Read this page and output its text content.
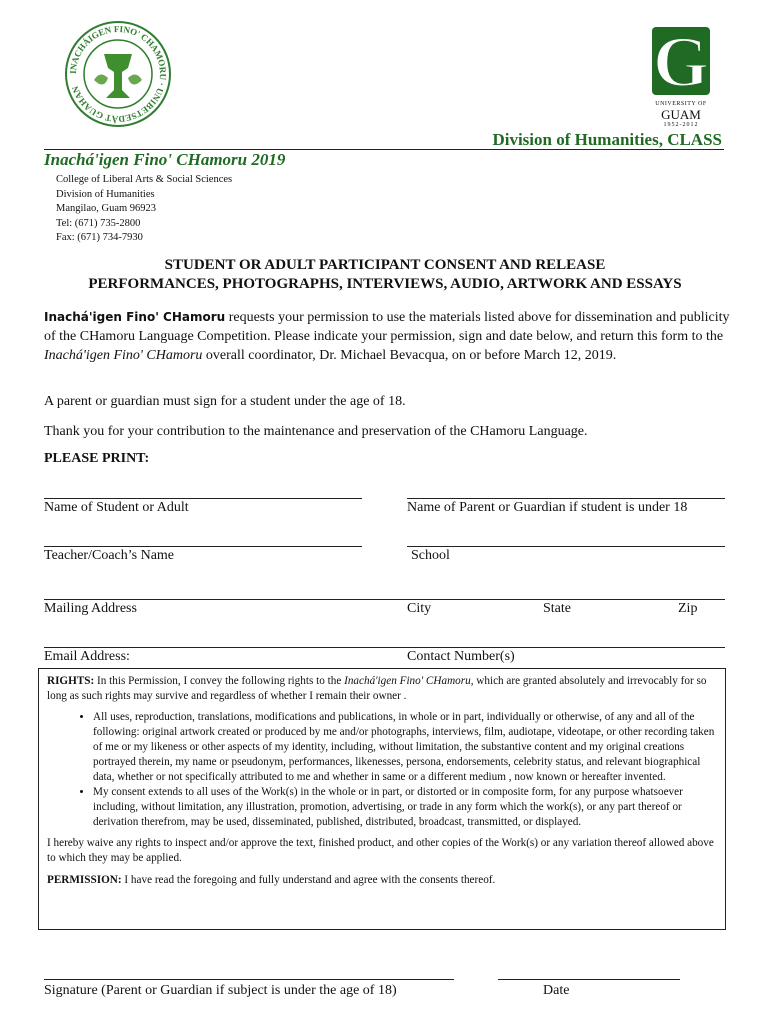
INACHÁIGEN FINO' CHAMORU · UNIBETSEDÅT GUAHAN	G
UNIVERSITY OF
GUAM
1952-2012
Division of Humanities, CLASS
Inachá'igen Fino' CHamoru 2019
College of Liberal Arts & Social Sciences
Division of Humanities
Mangilao, Guam 96923
Tel: (671) 735-2800
Fax: (671) 734-7930
STUDENT OR ADULT PARTICIPANT CONSENT AND RELEASE
PERFORMANCES, PHOTOGRAPHS, INTERVIEWS, AUDIO, ARTWORK AND ESSAYS
Inachá'igen Fino' CHamoru requests your permission to use the materials listed above for dissemination and publicity of the CHamoru Language Competition. Please indicate your permission, sign and date below, and return this form to the Inachá'igen Fino' CHamoru overall coordinator, Dr. Michael Bevacqua, on or before March 12, 2019.
A parent or guardian must sign for a student under the age of 18.
Thank you for your contribution to the maintenance and preservation of the CHamoru Language.
PLEASE PRINT:
Name of Student or Adult	Name of Parent or Guardian if student is under 18
Teacher/Coach’s Name	School
Mailing Address	City	State	Zip
Email Address:	Contact Number(s)

RIGHTS: In this Permission, I convey the following rights to the Inachá'igen Fino' CHamoru, which are granted absolutely and irrevocably for so long as such rights may survive and regardless of whether I remain their owner .

• All uses, reproduction, translations, modifications and publications, in whole or in part, individually or otherwise, of any and all of the following: original artwork created or produced by me and/or photographs, interviews, film, audiotape, videotape, or other recording taken of me or my likeness or other aspects of my identity, including, without limitation, the substantive content and my original creations portrayed therein, my name or pseudonym, performances, likenesses, persona, endorsements, celebrity status, and relevant biographical data, whether or not specifically attributed to me and whether in same or a different medium , now known or hereafter invented.
• My consent extends to all uses of the Work(s) in the whole or in part, or distorted or in composite form, for any purpose whatsoever including, without limitation, any illustration, promotion, advertising, or trade in any form which the work(s), or any part thereof or derivation therefrom, may be used, disseminated, published, distributed, broadcast, transmitted, or displayed.

I hereby waive any rights to inspect and/or approve the text, finished product, and other copies of the Work(s) or any variation thereof allowed above to which they may be applied.

PERMISSION: I have read the foregoing and fully understand and agree with the consents thereof.

Signature (Parent or Guardian if subject is under the age of 18)	Date
